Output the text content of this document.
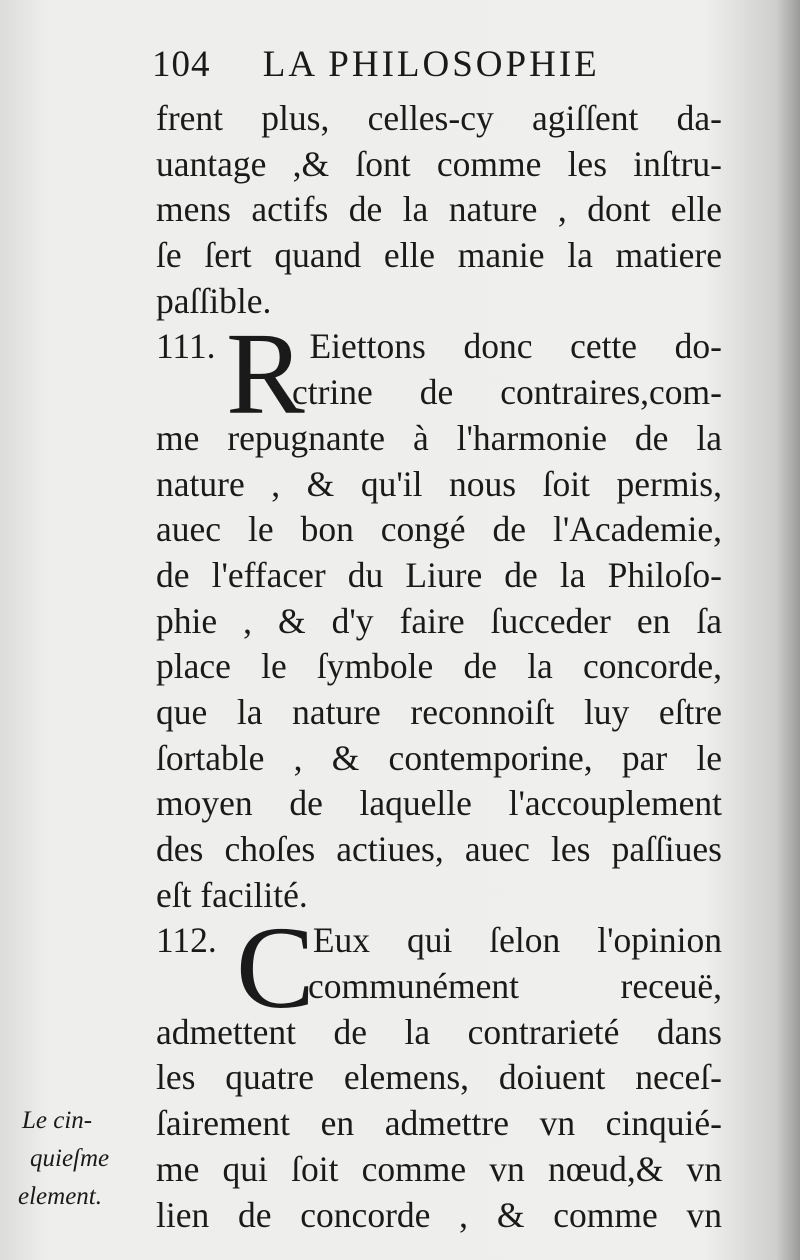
104 LA PHILOSOPHIE
frent plus, celles-cy agiſſent da-
uantage ,& ſont comme les inſtru-
mens actifs de la nature , dont elle
ſe ſert quand elle manie la matiere
paſſible.
R
111.	Eiettons donc cette do-
ctrine de contraires,com-
me repugnante à l'harmonie de la
nature , & qu'il nous ſoit permis,
auec le bon congé de l'Academie,
de l'effacer du Liure de la Philoſo-
phie , & d'y faire ſucceder en ſa
place le ſymbole de la concorde,
que la nature reconnoiſt luy eſtre
ſortable , & contemporine, par le
moyen de laquelle l'accouplement
des choſes actiues, auec les paſſiues
eſt facilité.
C
112.	Eux qui ſelon l'opinion
communément receuë,
admettent de la contrarieté dans
les quatre elemens, doiuent neceſ-
ſairement en admettre vn cinquié-
me qui ſoit comme vn nœud,& vn
lien de concorde , & comme vn
Le cin-
quieſme
element.
